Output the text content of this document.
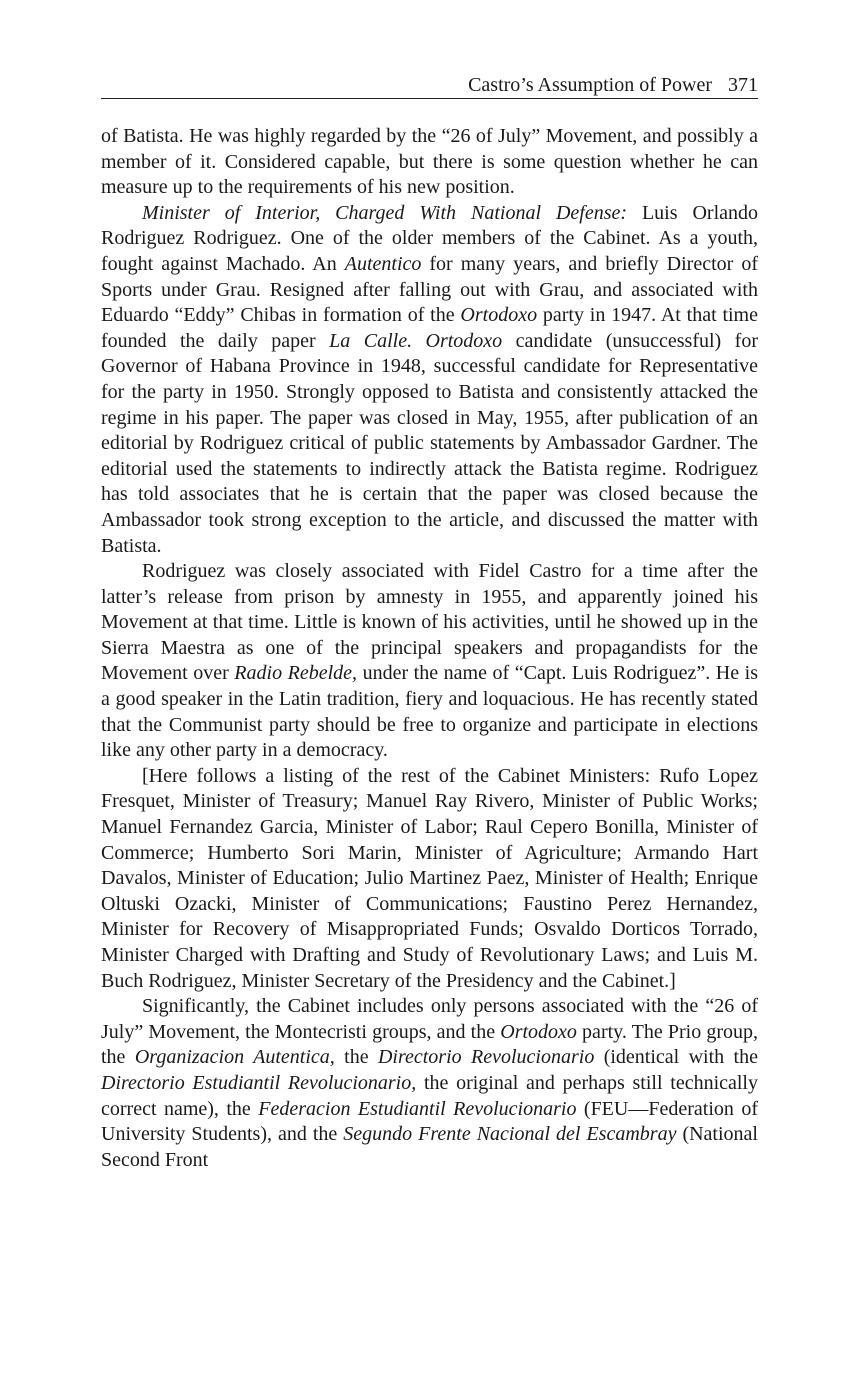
Castro’s Assumption of Power 371

of Batista. He was highly regarded by the “26 of July” Movement, and possibly a member of it. Considered capable, but there is some question whether he can measure up to the requirements of his new position.

Minister of Interior, Charged With National Defense: Luis Orlando Rodriguez Rodriguez. One of the older members of the Cabinet. As a youth, fought against Machado. An Autentico for many years, and briefly Director of Sports under Grau. Resigned after falling out with Grau, and associated with Eduardo “Eddy” Chibas in formation of the Ortodoxo party in 1947. At that time founded the daily paper La Calle. Ortodoxo candidate (unsuccessful) for Governor of Habana Province in 1948, successful candidate for Representative for the party in 1950. Strongly opposed to Batista and consistently attacked the regime in his paper. The paper was closed in May, 1955, after publication of an editorial by Rodriguez critical of public statements by Ambassador Gardner. The editorial used the statements to indirectly attack the Batista regime. Rodriguez has told associates that he is certain that the paper was closed because the Ambassador took strong exception to the article, and discussed the matter with Batista.

Rodriguez was closely associated with Fidel Castro for a time after the latter’s release from prison by amnesty in 1955, and apparently joined his Movement at that time. Little is known of his activities, until he showed up in the Sierra Maestra as one of the principal speakers and propagandists for the Movement over Radio Rebelde, under the name of “Capt. Luis Rodriguez”. He is a good speaker in the Latin tradition, fiery and loquacious. He has recently stated that the Communist party should be free to organize and participate in elections like any other party in a democracy.

[Here follows a listing of the rest of the Cabinet Ministers: Rufo Lopez Fresquet, Minister of Treasury; Manuel Ray Rivero, Minister of Public Works; Manuel Fernandez Garcia, Minister of Labor; Raul Cepero Bonilla, Minister of Commerce; Humberto Sori Marin, Minister of Agriculture; Armando Hart Davalos, Minister of Education; Julio Martinez Paez, Minister of Health; Enrique Oltuski Ozacki, Minister of Communications; Faustino Perez Hernandez, Minister for Recovery of Misappropriated Funds; Osvaldo Dorticos Torrado, Minister Charged with Drafting and Study of Revolutionary Laws; and Luis M. Buch Rodriguez, Minister Secretary of the Presidency and the Cabinet.]

Significantly, the Cabinet includes only persons associated with the “26 of July” Movement, the Montecristi groups, and the Ortodoxo party. The Prio group, the Organizacion Autentica, the Directorio Revolucionario (identical with the Directorio Estudiantil Revolucionario, the original and perhaps still technically correct name), the Federacion Estudiantil Revolucionario (FEU—Federation of University Students), and the Segundo Frente Nacional del Escambray (National Second Front
